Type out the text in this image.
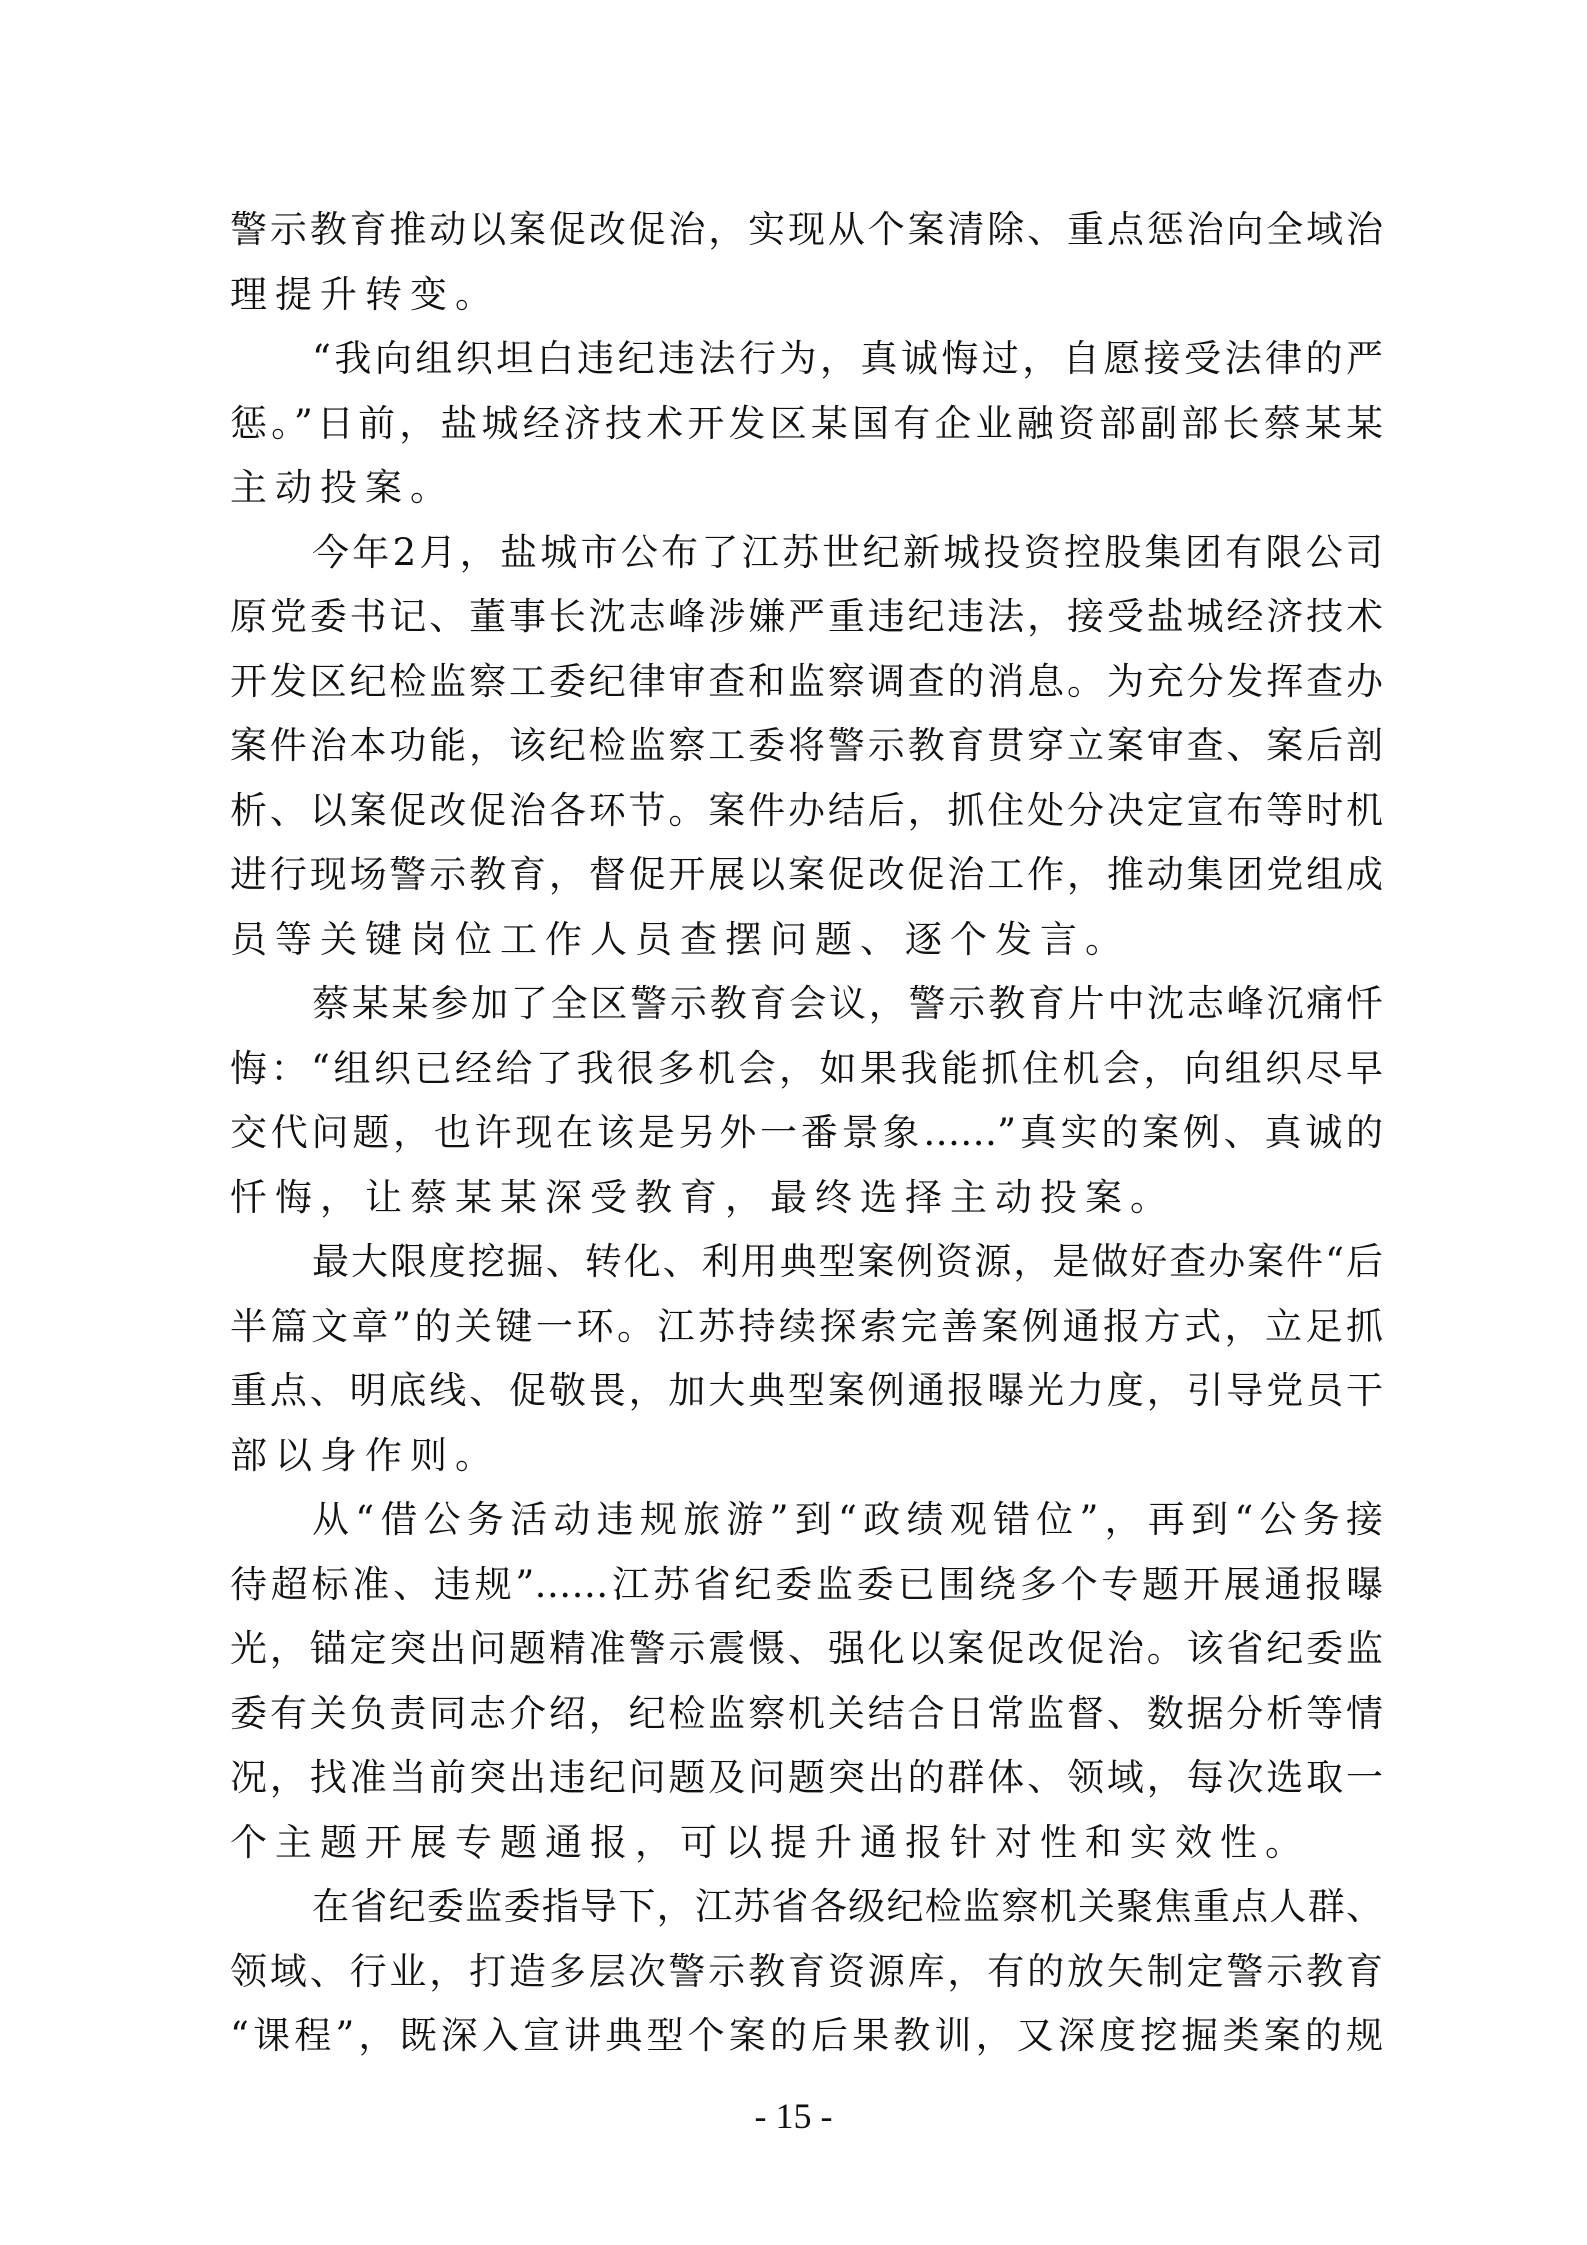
警示教育推动以案促改促治，实现从个案清除、重点惩治向全域治
理提升转变。
“我向组织坦白违纪违法行为，真诚悔过，自愿接受法律的严
惩。”日前，盐城经济技术开发区某国有企业融资部副部长蔡某某
主动投案。
今年2月，盐城市公布了江苏世纪新城投资控股集团有限公司
原党委书记、董事长沈志峰涉嫌严重违纪违法，接受盐城经济技术
开发区纪检监察工委纪律审查和监察调查的消息。为充分发挥查办
案件治本功能，该纪检监察工委将警示教育贯穿立案审查、案后剖
析、以案促改促治各环节。案件办结后，抓住处分决定宣布等时机
进行现场警示教育，督促开展以案促改促治工作，推动集团党组成
员等关键岗位工作人员查摆问题、逐个发言。
蔡某某参加了全区警示教育会议，警示教育片中沈志峰沉痛忏
悔：“组织已经给了我很多机会，如果我能抓住机会，向组织尽早
交代问题，也许现在该是另外一番景象……”真实的案例、真诚的
忏悔，让蔡某某深受教育，最终选择主动投案。
最大限度挖掘、转化、利用典型案例资源，是做好查办案件“后
半篇文章”的关键一环。江苏持续探索完善案例通报方式，立足抓
重点、明底线、促敬畏，加大典型案例通报曝光力度，引导党员干
部以身作则。
从“借公务活动违规旅游”到“政绩观错位”，再到“公务接
待超标准、违规”……江苏省纪委监委已围绕多个专题开展通报曝
光，锚定突出问题精准警示震慑、强化以案促改促治。该省纪委监
委有关负责同志介绍，纪检监察机关结合日常监督、数据分析等情
况，找准当前突出违纪问题及问题突出的群体、领域，每次选取一
个主题开展专题通报，可以提升通报针对性和实效性。
在省纪委监委指导下，江苏省各级纪检监察机关聚焦重点人群、
领域、行业，打造多层次警示教育资源库，有的放矢制定警示教育
“课程”，既深入宣讲典型个案的后果教训，又深度挖掘类案的规
- 15 -
